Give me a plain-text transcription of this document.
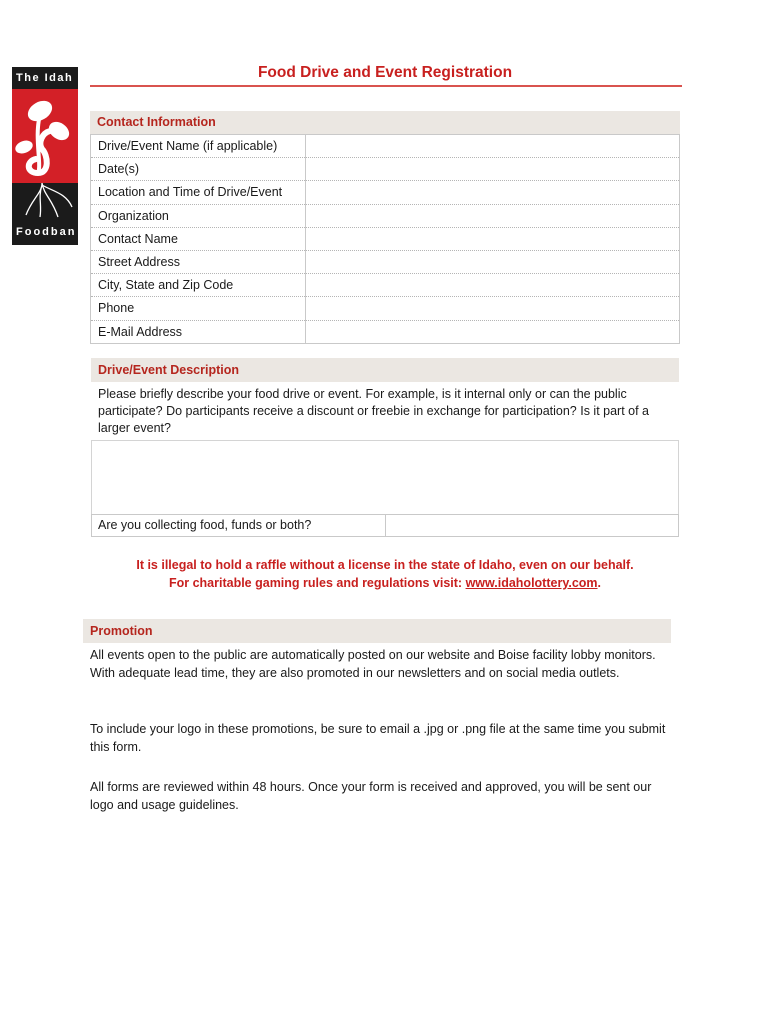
The Idah
Foodban
Food Drive and Event Registration
Contact Information
Drive/Event Name (if applicable)	
Date(s)	
Location and Time of Drive/Event	
Organization	
Contact Name	
Street Address	
City, State and Zip Code	
Phone	
E-Mail Address	
Drive/Event Description
Please briefly describe your food drive or event. For example, is it internal only or can the public participate? Do participants receive a discount or freebie in exchange for participation? Is it part of a larger event?
Are you collecting food, funds or both?
It is illegal to hold a raffle without a license in the state of Idaho, even on our behalf.
For charitable gaming rules and regulations visit: www.idaholottery.com.
Promotion
All events open to the public are automatically posted on our website and Boise facility lobby monitors. With adequate lead time, they are also promoted in our newsletters and on social media outlets.
To include your logo in these promotions, be sure to email a .jpg or .png file at the same time you submit this form.
All forms are reviewed within 48 hours. Once your form is received and approved, you will be sent our logo and usage guidelines.
